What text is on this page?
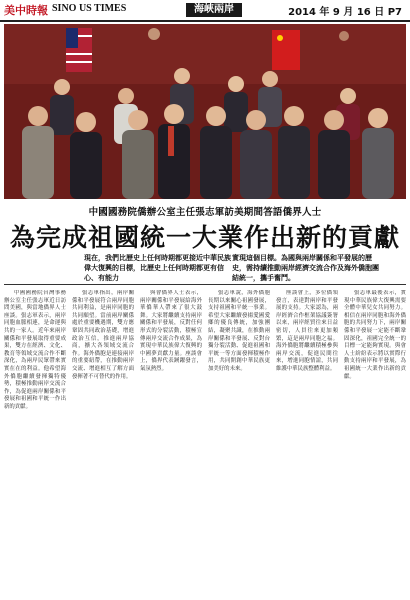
美中時報 SINO US TIMES	海峽兩岸	2014 年 9 月 16 日 P7
中國國務院僑辦公室主任張志軍訪美期間答語僑界人士
為完成祖國統一大業作出新的貢獻
現在，我們比歷史上任何時期都更接近中華民族偉大復興的目標，比歷史上任何時期都更有信心、有能力
實現這個目標。為國與兩岸關係和平發展的歷史，需持續推動兩岸經濟交流合作及海外僑胞團結統一，攜手奮鬥。

中國國務院台灣事務辦公室主任張志軍近日訪問美國，與當地僑界人士座談。張志軍表示，兩岸同胞血脈相連，是命運與共的一家人。近年來兩岸關係和平發展取得重要成果，雙方在經濟、文化、教育等領域交流合作不斷深化，為兩岸民眾帶來實實在在的利益。他希望海外僑胞繼續發揮獨特優勢，積極推動兩岸交流合作，為促進兩岸關係和平發展和祖國和平統一作出新的貢獻。

張志軍指出，兩岸關係和平發展符合兩岸同胞共同利益，是兩岸同胞的共同願望。當前兩岸關係處於重要機遇期，雙方應鞏固共同政治基礎，增進政治互信，推進兩岸協商，擴大各領域交流合作。海外僑胞是連接兩岸的重要紐帶，在推動兩岸交流、增進相互了解方面發揮著不可替代的作用。

與會僑界人士表示，兩岸關係和平發展給海外華僑華人帶來了很大鼓舞。大家將繼續支持兩岸關係和平發展，反對任何形式的分裂活動，積極宣傳兩岸交流合作成果，為實現中華民族偉大復興的中國夢貢獻力量。座談會上，僑界代表踴躍發言，氣氛熱烈。

張志軍說，海外僑胞長期以來關心祖國發展，支持祖國和平統一事業。希望大家繼續發揚愛國愛鄉的優良傳統，加強團結，凝聚共識，在推動兩岸關係和平發展、反對台獨分裂活動、促進祖國和平統一等方面發揮積極作用，共同開創中華民族更加美好的未來。

座談會上，多位僑領發言，表達對兩岸和平發展的支持。大家認為，兩岸經濟合作框架協議簽署以來，兩岸經貿往來日益密切，人員往來更加頻繁，這是兩岸同胞之福。海外僑胞將繼續積極參與兩岸交流，促進民間往來，增進同胞情誼，共同維護中華民族整體利益。

張志軍最後表示，實現中華民族偉大復興需要全體中華兒女共同努力。相信在兩岸同胞和海外僑胞的共同努力下，兩岸關係和平發展一定能不斷鞏固深化，祖國完全統一的目標一定能夠實現。與會人士紛紛表示將以實際行動支持兩岸和平發展，為祖國統一大業作出新的貢獻。
